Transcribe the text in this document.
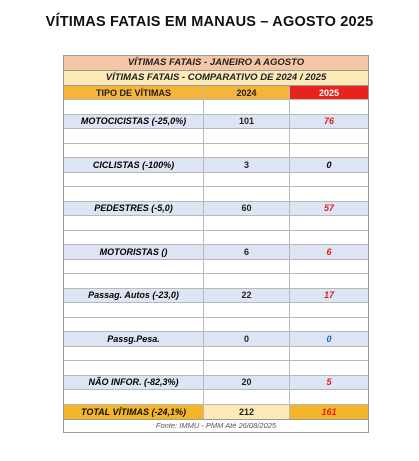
VÍTIMAS FATAIS EM MANAUS – AGOSTO 2025
VÍTIMAS FATAIS - JANEIRO A AGOSTO
VÍTIMAS FATAIS - COMPARATIVO DE 2024 / 2025
TIPO DE VÍTIMAS	2024	2025
MOTOCICISTAS (-25,0%)	101	76
CICLISTAS (-100%)	3	0
PEDESTRES (-5,0)	60	57
MOTORISTAS ()	6	6
Passag. Autos (-23,0)	22	17
Passg.Pesa.	0	0
NÃO INFOR. (-82,3%)	20	5
TOTAL VÍTIMAS (-24,1%)	212	161
Fonte: IMMU - PMM Até 26/08/2025
